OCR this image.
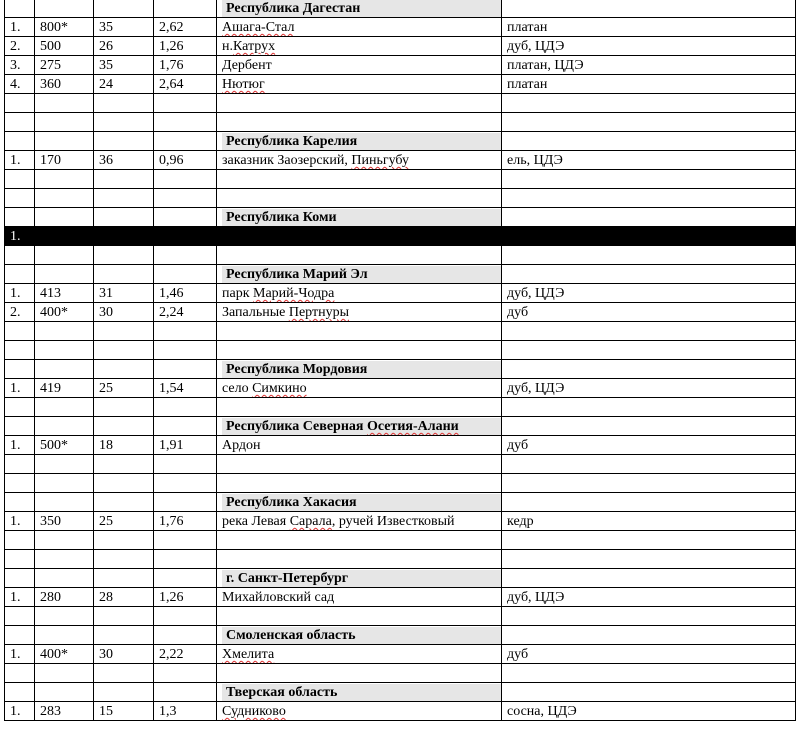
				Республика Дагестан	

1.	800*	35	2,62	Ашага-Стал	платан
2.	500	26	1,26	н.Катрух	дуб, ЦДЭ
3.	275	35	1,76	Дербент	платан, ЦДЭ
4.	360	24	2,64	Нютюг	платан

				Республика Карелия	

1.	170	36	0,96	заказник Заозерский, Пиньгубу	ель, ЦДЭ

				Республика Коми	

1.					

				Республика Марий Эл	

1.	413	31	1,46	парк Марий-Чодра	дуб, ЦДЭ
2.	400*	30	2,24	Запальные Пертнуры	дуб

				Республика Мордовия	

1.	419	25	1,54	село Симкино	дуб, ЦДЭ

				Республика Северная Осетия-Алани	

1.	500*	18	1,91	Ардон	дуб

				Республика Хакасия	

1.	350	25	1,76	река Левая Сарала, ручей Известковый	кедр

				г. Санкт-Петербург	

1.	280	28	1,26	Михайловский сад	дуб, ЦДЭ

				Смоленская область	

1.	400*	30	2,22	Хмелита	дуб

				Тверская область	

1.	283	15	1,3	Судниково	сосна, ЦДЭ
